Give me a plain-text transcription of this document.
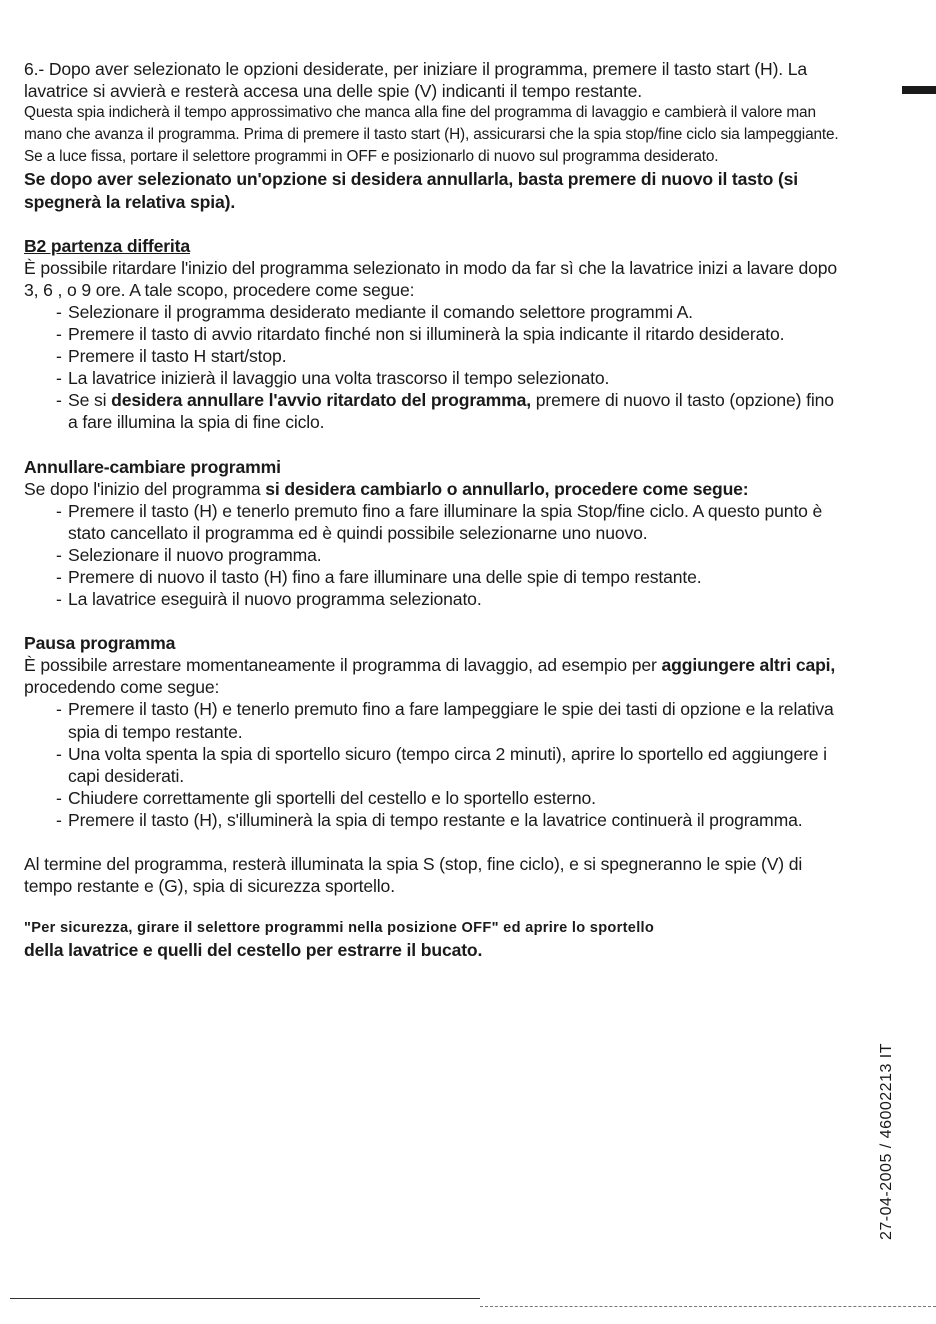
6.- Dopo aver selezionato le opzioni desiderate, per iniziare il programma, premere il tasto start (H). La lavatrice si avvierà e resterà accesa una delle spie (V) indicanti il tempo restante.

Questa spia indicherà il tempo approssimativo che manca alla fine del programma di lavaggio e cambierà il valore man mano che avanza il programma. Prima di premere il tasto start (H), assicurarsi che la spia stop/fine ciclo sia lampeggiante. Se a luce fissa, portare il selettore programmi in OFF e posizionarlo di nuovo sul programma desiderato.

Se dopo aver selezionato un'opzione si desidera annullarla, basta premere di nuovo il tasto (si spegnerà la relativa spia).

B2 partenza differita

È possibile ritardare l'inizio del programma selezionato in modo da far sì che la lavatrice inizi a lavare dopo 3, 6 , o 9 ore. A tale scopo, procedere come segue:

- Selezionare il programma desiderato mediante il comando selettore programmi A.
- Premere il tasto di avvio ritardato finché non si illuminerà la spia indicante il ritardo desiderato.
- Premere il tasto H start/stop.
- La lavatrice inizierà il lavaggio una volta trascorso il tempo selezionato.
- Se si desidera annullare l'avvio ritardato del programma, premere di nuovo il tasto (opzione) fino a fare illumina la spia di fine ciclo.

Annullare-cambiare programmi

Se dopo l'inizio del programma si desidera cambiarlo o annullarlo, procedere come segue:

- Premere il tasto (H) e tenerlo premuto fino a fare illuminare la spia Stop/fine ciclo. A questo punto è stato cancellato il programma ed è quindi possibile selezionarne uno nuovo.
- Selezionare il nuovo programma.
- Premere di nuovo il tasto (H) fino a fare illuminare una delle spie di tempo restante.
- La lavatrice eseguirà il nuovo programma selezionato.

Pausa programma

È possibile arrestare momentaneamente il programma di lavaggio, ad esempio per aggiungere altri capi, procedendo come segue:

- Premere il tasto (H) e tenerlo premuto fino a fare lampeggiare le spie dei tasti di opzione e la relativa spia di tempo restante.
- Una volta spenta la spia di sportello sicuro (tempo circa 2 minuti), aprire lo sportello ed aggiungere i capi desiderati.
- Chiudere correttamente gli sportelli del cestello e lo sportello esterno.
- Premere il tasto (H), s'illuminerà la spia di tempo restante e la lavatrice continuerà il programma.

Al termine del programma, resterà illuminata la spia S (stop, fine ciclo), e si spegneranno le spie (V) di tempo restante e (G), spia di sicurezza sportello.

"Per sicurezza, girare il selettore programmi nella posizione OFF" ed aprire lo sportello

della lavatrice e quelli del cestello per estrarre il bucato.

27-04-2005 / 46002213 IT
